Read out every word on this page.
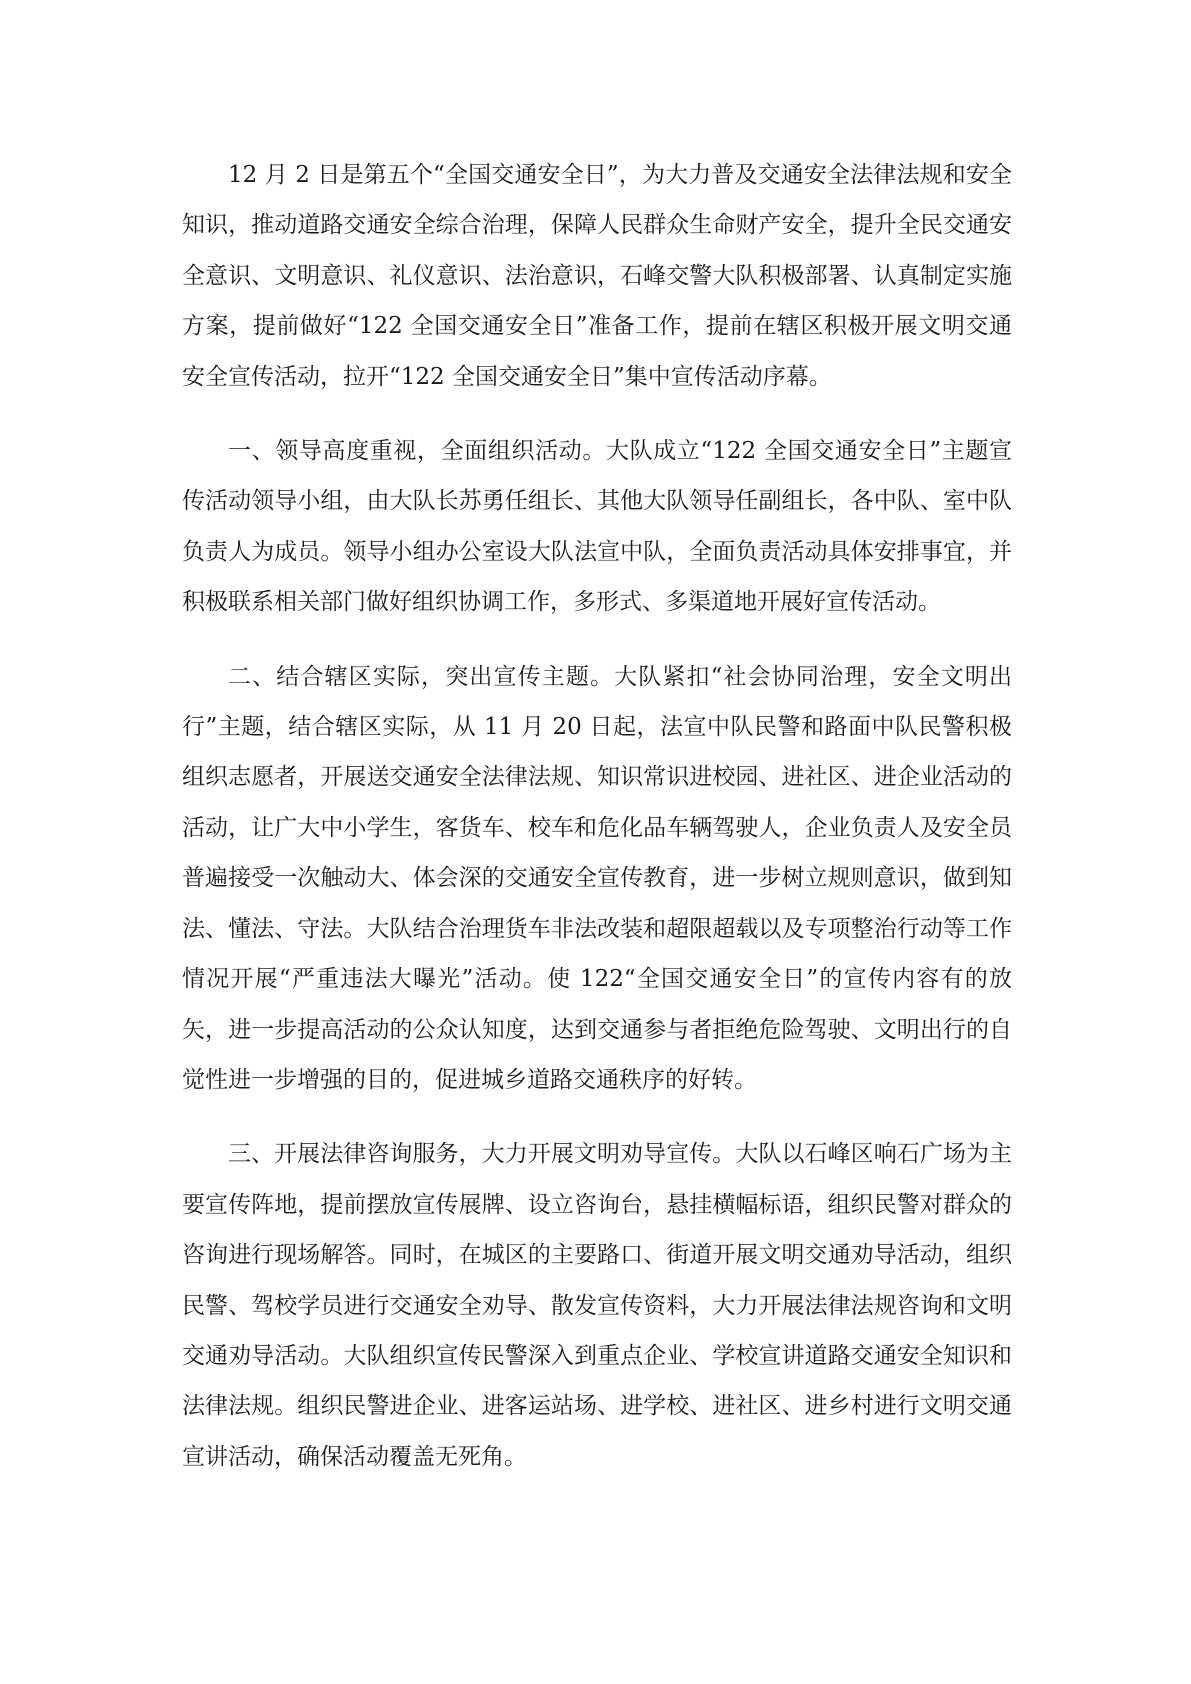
12 月 2 日是第五个“全国交通安全日”，为大力普及交通安全法律法规和安全知识，推动道路交通安全综合治理，保障人民群众生命财产安全，提升全民交通安全意识、文明意识、礼仪意识、法治意识，石峰交警大队积极部署、认真制定实施方案，提前做好“122 全国交通安全日”准备工作，提前在辖区积极开展文明交通安全宣传活动，拉开“122 全国交通安全日”集中宣传活动序幕。

一、领导高度重视，全面组织活动。大队成立“122 全国交通安全日”主题宣传活动领导小组，由大队长苏勇任组长、其他大队领导任副组长，各中队、室中队负责人为成员。领导小组办公室设大队法宣中队，全面负责活动具体安排事宜，并积极联系相关部门做好组织协调工作，多形式、多渠道地开展好宣传活动。

二、结合辖区实际，突出宣传主题。大队紧扣“社会协同治理，安全文明出行”主题，结合辖区实际，从 11 月 20 日起，法宣中队民警和路面中队民警积极组织志愿者，开展送交通安全法律法规、知识常识进校园、进社区、进企业活动的活动，让广大中小学生，客货车、校车和危化品车辆驾驶人，企业负责人及安全员普遍接受一次触动大、体会深的交通安全宣传教育，进一步树立规则意识，做到知法、懂法、守法。大队结合治理货车非法改装和超限超载以及专项整治行动等工作情况开展“严重违法大曝光”活动。使 122“全国交通安全日”的宣传内容有的放矢，进一步提高活动的公众认知度，达到交通参与者拒绝危险驾驶、文明出行的自觉性进一步增强的目的，促进城乡道路交通秩序的好转。

三、开展法律咨询服务，大力开展文明劝导宣传。大队以石峰区响石广场为主要宣传阵地，提前摆放宣传展牌、设立咨询台，悬挂横幅标语，组织民警对群众的咨询进行现场解答。同时，在城区的主要路口、街道开展文明交通劝导活动，组织民警、驾校学员进行交通安全劝导、散发宣传资料，大力开展法律法规咨询和文明交通劝导活动。大队组织宣传民警深入到重点企业、学校宣讲道路交通安全知识和法律法规。组织民警进企业、进客运站场、进学校、进社区、进乡村进行文明交通宣讲活动，确保活动覆盖无死角。
